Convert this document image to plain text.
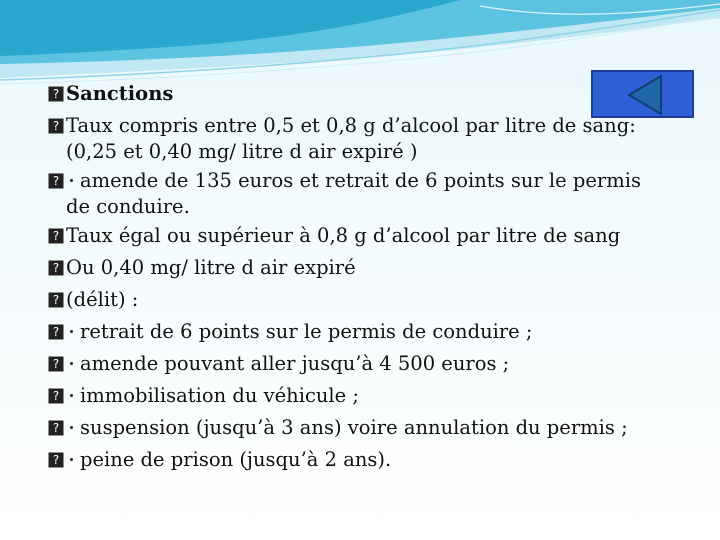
? Sanctions
? Taux compris entre 0,5 et 0,8 g d’alcool par litre de sang:
(0,25 et 0,40 mg/ litre d air expiré )
? amende de 135 euros et retrait de 6 points sur le permis
de conduire.
? Taux égal ou supérieur à 0,8 g d’alcool par litre de sang
? Ou 0,40 mg/ litre d air expiré
? (délit) :
? retrait de 6 points sur le permis de conduire ;
? amende pouvant aller jusqu’à 4 500 euros ;
? immobilisation du véhicule ;
? suspension (jusqu’à 3 ans) voire annulation du permis ;
? peine de prison (jusqu’à 2 ans).
